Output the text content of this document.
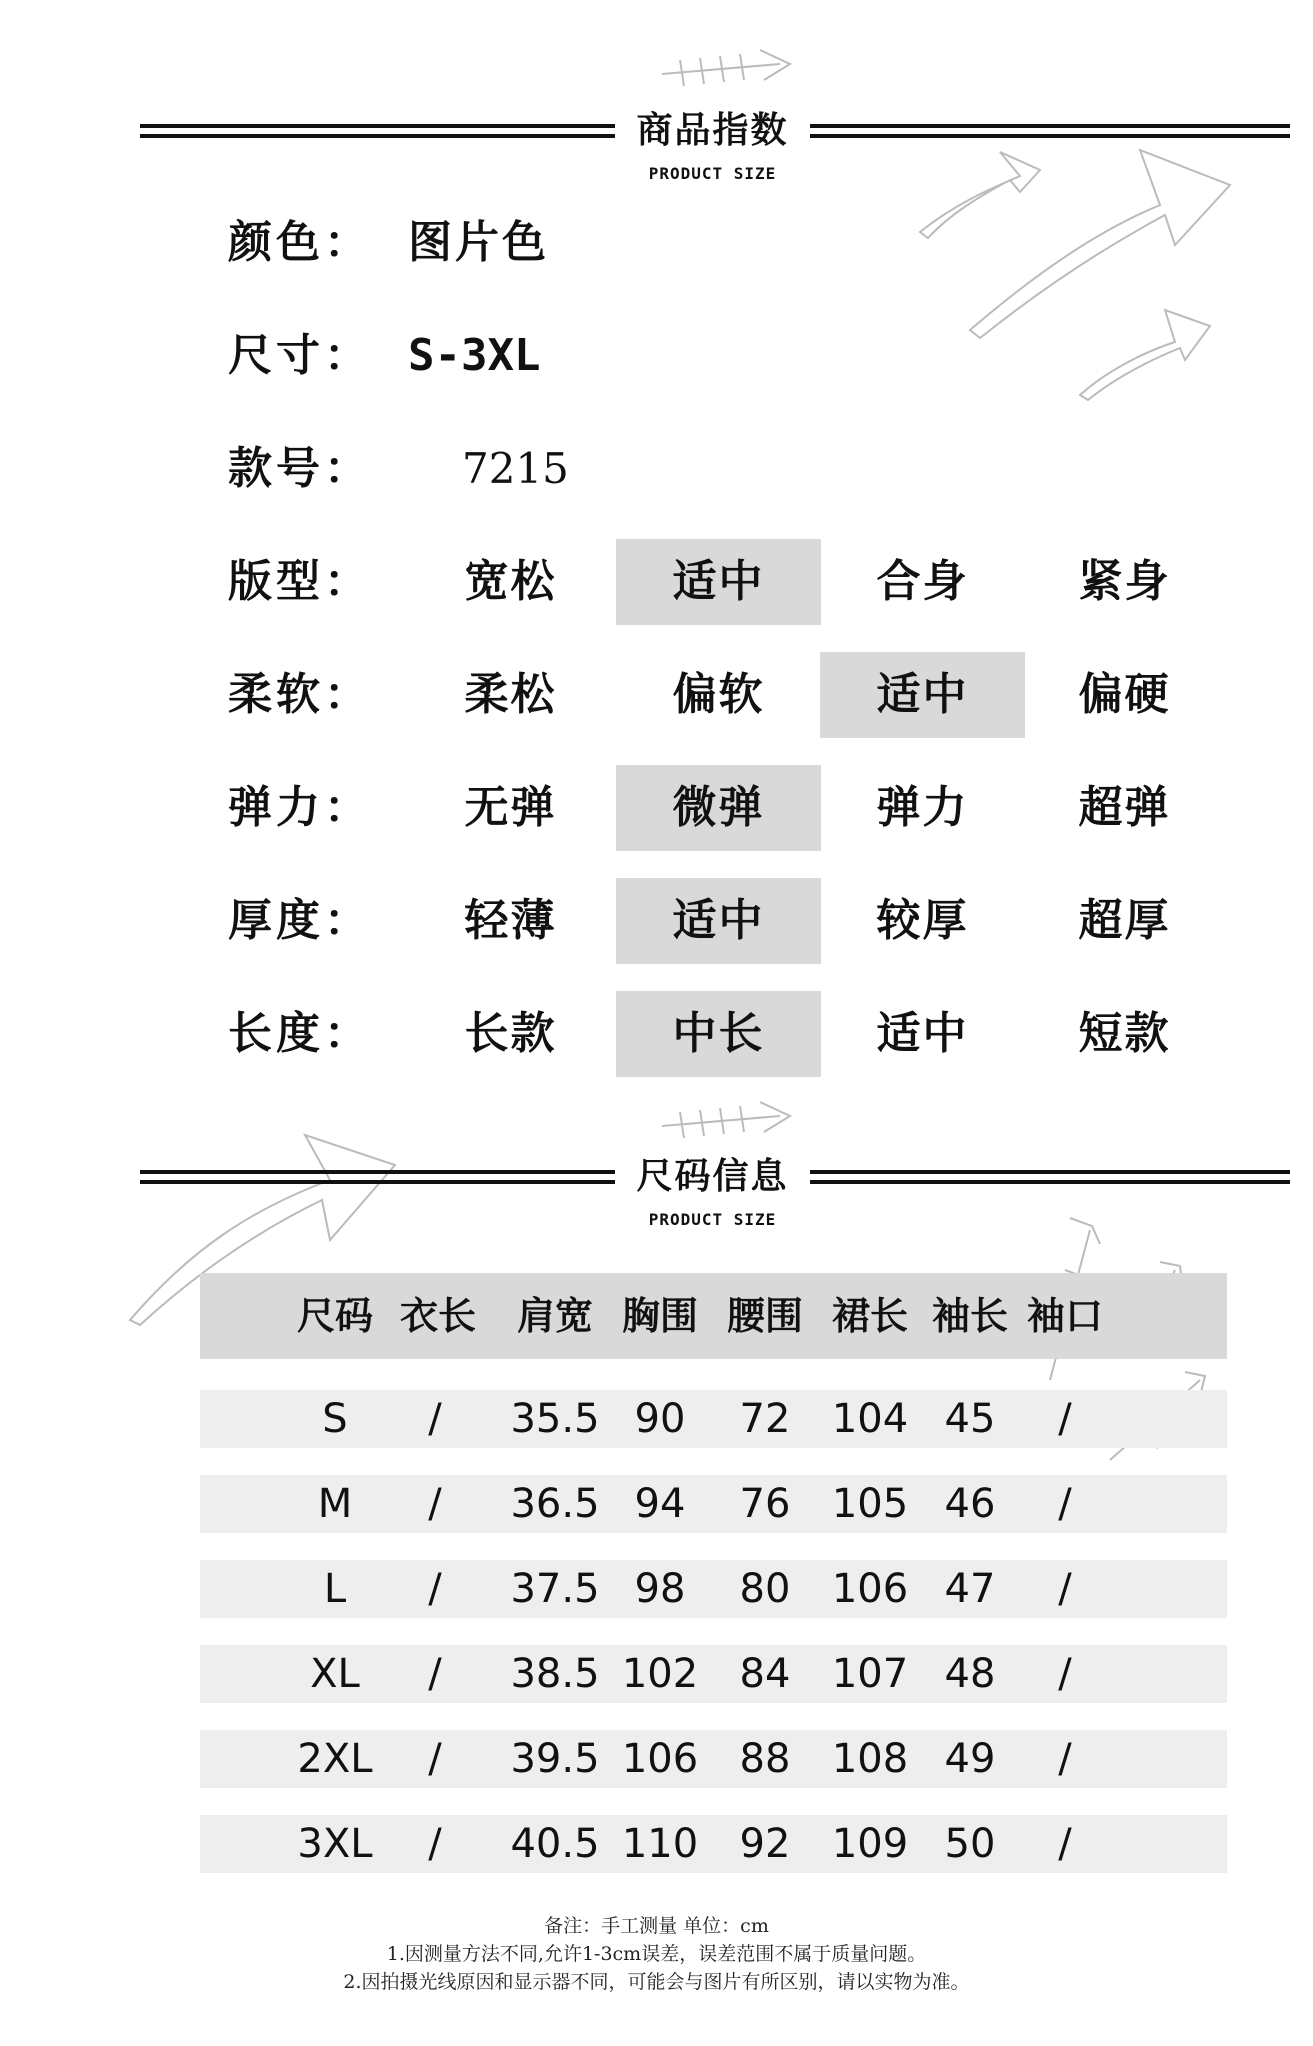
商品指数
PRODUCT SIZE
颜色： 图片色
尺寸： S-3XL
款号： 7215
版型：	宽松	适中	合身	紧身
柔软：	柔松	偏软	适中	偏硬
弹力：	无弹	微弹	弹力	超弹
厚度：	轻薄	适中	较厚	超厚
长度：	长款	中长	适中	短款
尺码信息
PRODUCT SIZE
尺码 衣长	肩宽 胸围 腰围 裙长 袖长 袖口
S	/	35.5 90	72	104 45	/
M	/	36.5 94	76	105 46	/
L	/	37.5 98	80	106 47	/
XL	/	38.5 102	84	107 48	/
2XL	/	39.5 106	88	108 49	/
3XL	/	40.5 110	92	109 50	/
备注：手工测量 单位：cm
1.因测量方法不同,允许1-3cm误差，误差范围不属于质量问题。
2.因拍摄光线原因和显示器不同，可能会与图片有所区别，请以实物为准。
